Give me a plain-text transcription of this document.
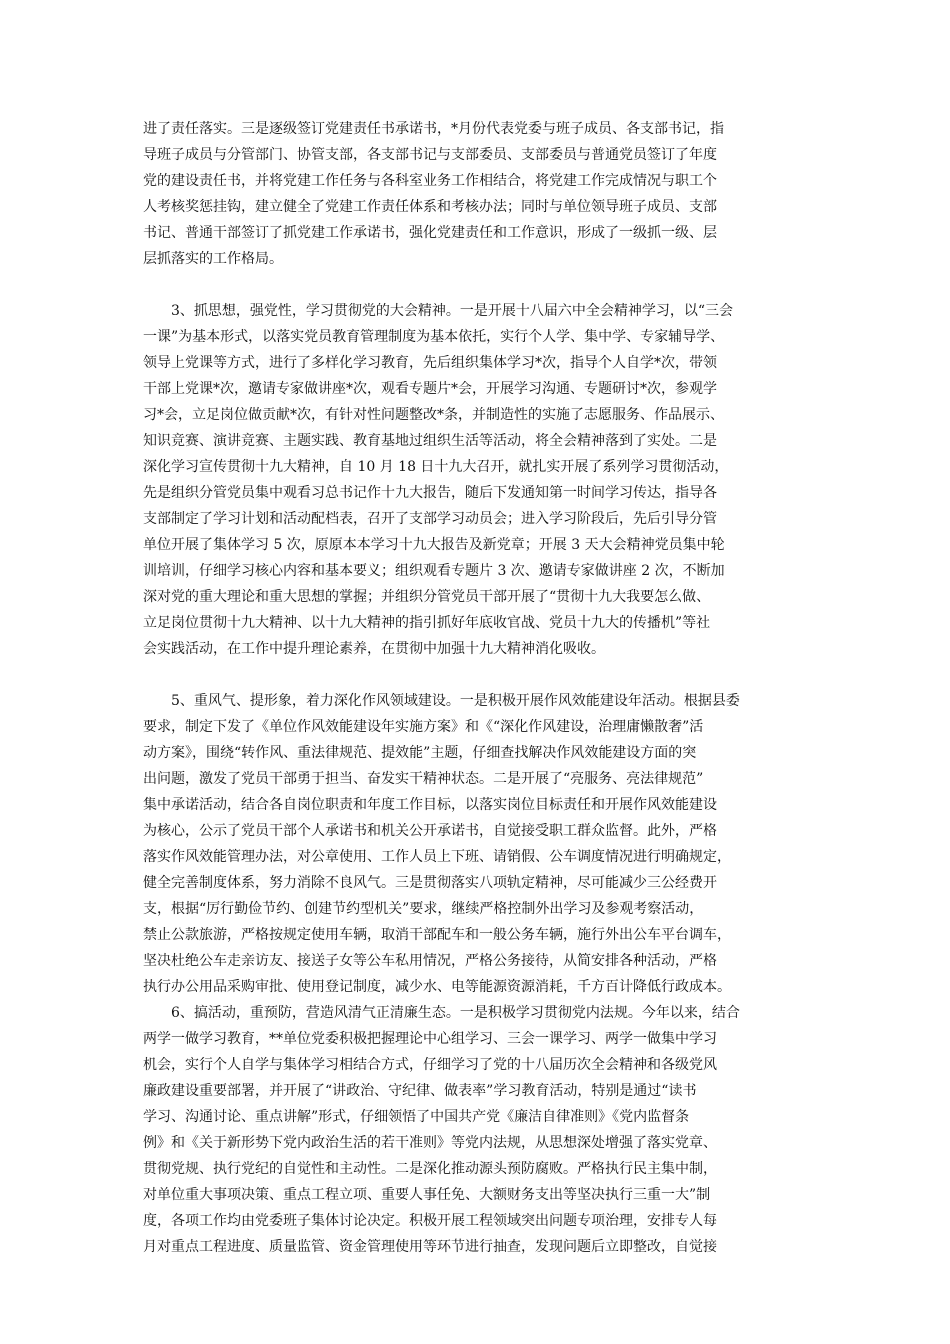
进了责任落实。三是逐级签订党建责任书承诺书，*月份代表党委与班子成员、各支部书记，指
导班子成员与分管部门、协管支部，各支部书记与支部委员、支部委员与普通党员签订了年度
党的建设责任书，并将党建工作任务与各科室业务工作相结合，将党建工作完成情况与职工个
人考核奖惩挂钩，建立健全了党建工作责任体系和考核办法；同时与单位领导班子成员、支部
书记、普通干部签订了抓党建工作承诺书，强化党建责任和工作意识，形成了一级抓一级、层
层抓落实的工作格局。
　　3、抓思想，强党性，学习贯彻党的大会精神。一是开展十八届六中全会精神学习，以“三会
一课”为基本形式，以落实党员教育管理制度为基本依托，实行个人学、集中学、专家辅导学、
领导上党课等方式，进行了多样化学习教育，先后组织集体学习*次，指导个人自学*次，带领
干部上党课*次，邀请专家做讲座*次，观看专题片*会，开展学习沟通、专题研讨*次，参观学
习*会，立足岗位做贡献*次，有针对性问题整改*条，并制造性的实施了志愿服务、作品展示、
知识竞赛、演讲竞赛、主题实践、教育基地过组织生活等活动，将全会精神落到了实处。二是
深化学习宣传贯彻十九大精神，自 10 月 18 日十九大召开，就扎实开展了系列学习贯彻活动，
先是组织分管党员集中观看习总书记作十九大报告，随后下发通知第一时间学习传达，指导各
支部制定了学习计划和活动配档表，召开了支部学习动员会；进入学习阶段后，先后引导分管
单位开展了集体学习 5 次，原原本本学习十九大报告及新党章；开展 3 天大会精神党员集中轮
训培训，仔细学习核心内容和基本要义；组织观看专题片 3 次、邀请专家做讲座 2 次，不断加
深对党的重大理论和重大思想的掌握；并组织分管党员干部开展了“贯彻十九大我要怎么做、
立足岗位贯彻十九大精神、以十九大精神的指引抓好年底收官战、党员十九大的传播机”等社
会实践活动，在工作中提升理论素养，在贯彻中加强十九大精神消化吸收。
　　5、重风气、提形象，着力深化作风领域建设。一是积极开展作风效能建设年活动。根据县委
要求，制定下发了《单位作风效能建设年实施方案》和《“深化作风建设，治理庸懒散奢”活
动方案》，围绕“转作风、重法律规范、提效能”主题，仔细查找解决作风效能建设方面的突
出问题，激发了党员干部勇于担当、奋发实干精神状态。二是开展了“亮服务、亮法律规范”
集中承诺活动，结合各自岗位职责和年度工作目标，以落实岗位目标责任和开展作风效能建设
为核心，公示了党员干部个人承诺书和机关公开承诺书，自觉接受职工群众监督。此外，严格
落实作风效能管理办法，对公章使用、工作人员上下班、请销假、公车调度情况进行明确规定，
健全完善制度体系，努力消除不良风气。三是贯彻落实八项轨定精神，尽可能减少三公经费开
支，根据“厉行勤俭节约、创建节约型机关”要求，继续严格控制外出学习及参观考察活动，
禁止公款旅游，严格按规定使用车辆，取消干部配车和一般公务车辆，施行外出公车平台调车，
坚决杜绝公车走亲访友、接送子女等公车私用情况，严格公务接待，从简安排各种活动，严格
执行办公用品采购审批、使用登记制度，减少水、电等能源资源消耗，千方百计降低行政成本。
　　6、搞活动，重预防，营造风清气正清廉生态。一是积极学习贯彻党内法规。今年以来，结合
两学一做学习教育，**单位党委积极把握理论中心组学习、三会一课学习、两学一做集中学习
机会，实行个人自学与集体学习相结合方式，仔细学习了党的十八届历次全会精神和各级党风
廉政建设重要部署，并开展了“讲政治、守纪律、做表率”学习教育活动，特别是通过“读书
学习、沟通讨论、重点讲解”形式，仔细领悟了中国共产党《廉洁自律准则》《党内监督条
例》和《关于新形势下党内政治生活的若干准则》等党内法规，从思想深处增强了落实党章、
贯彻党规、执行党纪的自觉性和主动性。二是深化推动源头预防腐败。严格执行民主集中制，
对单位重大事项决策、重点工程立项、重要人事任免、大额财务支出等坚决执行三重一大”制
度，各项工作均由党委班子集体讨论决定。积极开展工程领域突出问题专项治理，安排专人每
月对重点工程进度、质量监管、资金管理使用等环节进行抽查，发现问题后立即整改，自觉接
